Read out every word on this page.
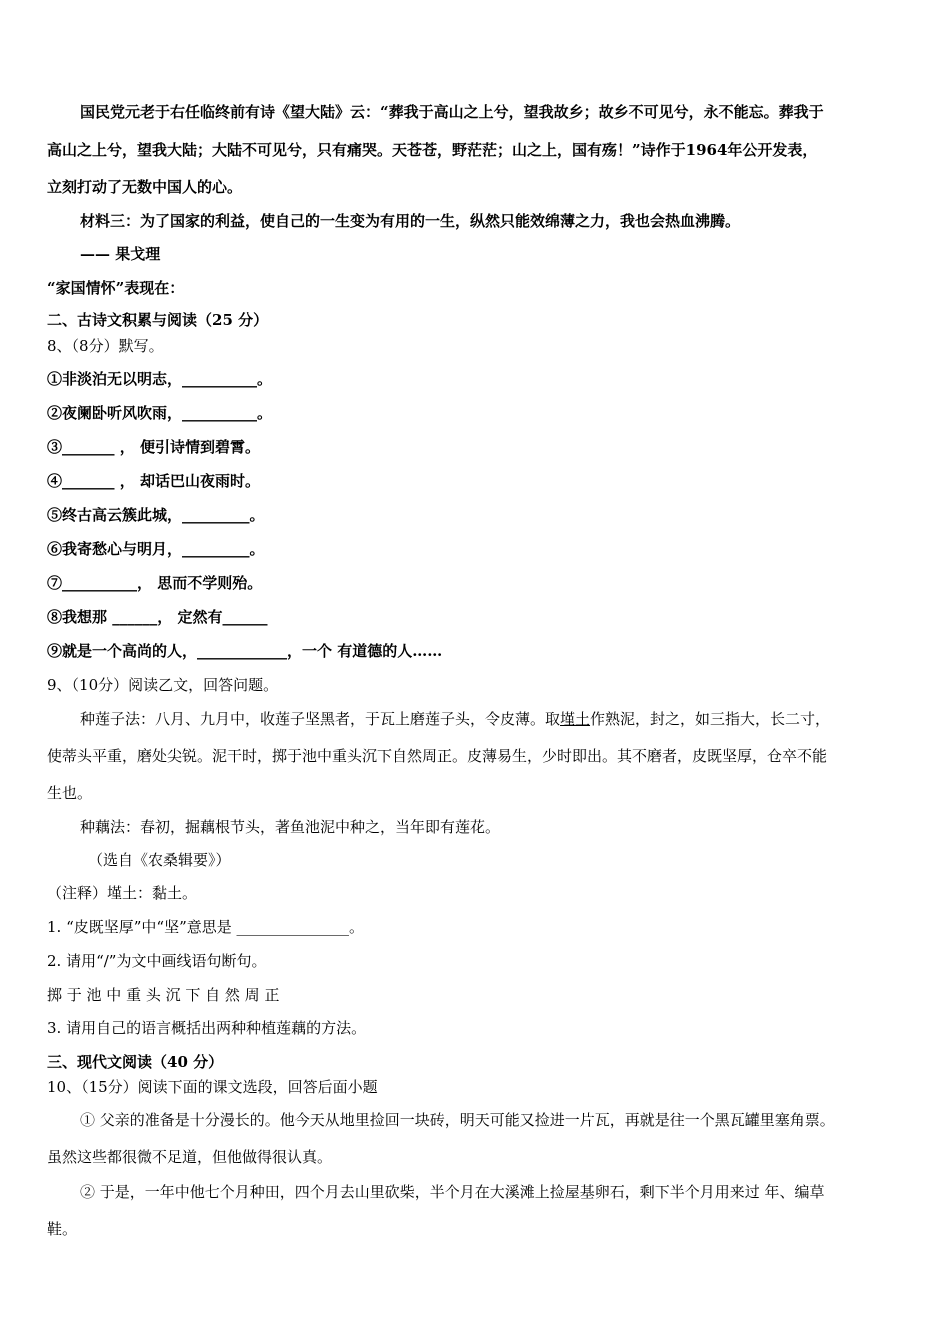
国民党元老于右任临终前有诗《望大陆》云：“葬我于高山之上兮，望我故乡；故乡不可见兮，永不能忘。葬我于
高山之上兮，望我大陆；大陆不可见兮，只有痛哭。天苍苍，野茫茫；山之上，国有殇！”诗作于1964年公开发表，
立刻打动了无数中国人的心。
材料三：为了国家的利益，使自己的一生变为有用的一生，纵然只能效绵薄之力，我也会热血沸腾。
—— 果戈理
“家国情怀”表现在：
二、古诗文积累与阅读（25 分）
8、（8分）默写。
①非淡泊无以明志，__________。
②夜阑卧听风吹雨，__________。
③_______ ， 便引诗情到碧霄。
④_______ ， 却话巴山夜雨时。
⑤终古高云簇此城，_________。
⑥我寄愁心与明月，_________。
⑦__________， 思而不学则殆。
⑧我想那 ______， 定然有______
⑨就是一个高尚的人，____________，一个 有道德的人……
9、（10分）阅读乙文，回答问题。
种莲子法：八月、九月中，收莲子坚黑者，于瓦上磨莲子头，令皮薄。取墐土作熟泥，封之，如三指大，长二寸，
使蒂头平重，磨处尖锐。泥干时，掷于池中重头沉下自然周正。皮薄易生，少时即出。其不磨者，皮既坚厚，仓卒不能
生也。
种藕法：春初，掘藕根节头，著鱼池泥中种之，当年即有莲花。
（选自《农桑辑要》）
（注释）墐土：黏土。
1. “皮既坚厚”中“坚”意思是 _______________。
2. 请用“/”为文中画线语句断句。
掷 于 池 中 重 头 沉 下 自 然 周 正
3. 请用自己的语言概括出两种种植莲藕的方法。
三、现代文阅读（40 分）
10、（15分）阅读下面的课文选段，回答后面小题
① 父亲的准备是十分漫长的。他今天从地里捡回一块砖，明天可能又捡进一片瓦，再就是往一个黑瓦罐里塞角票。
虽然这些都很微不足道，但他做得很认真。
② 于是，一年中他七个月种田，四个月去山里砍柴，半个月在大溪滩上捡屋基卵石，剩下半个月用来过 年、编草
鞋。
